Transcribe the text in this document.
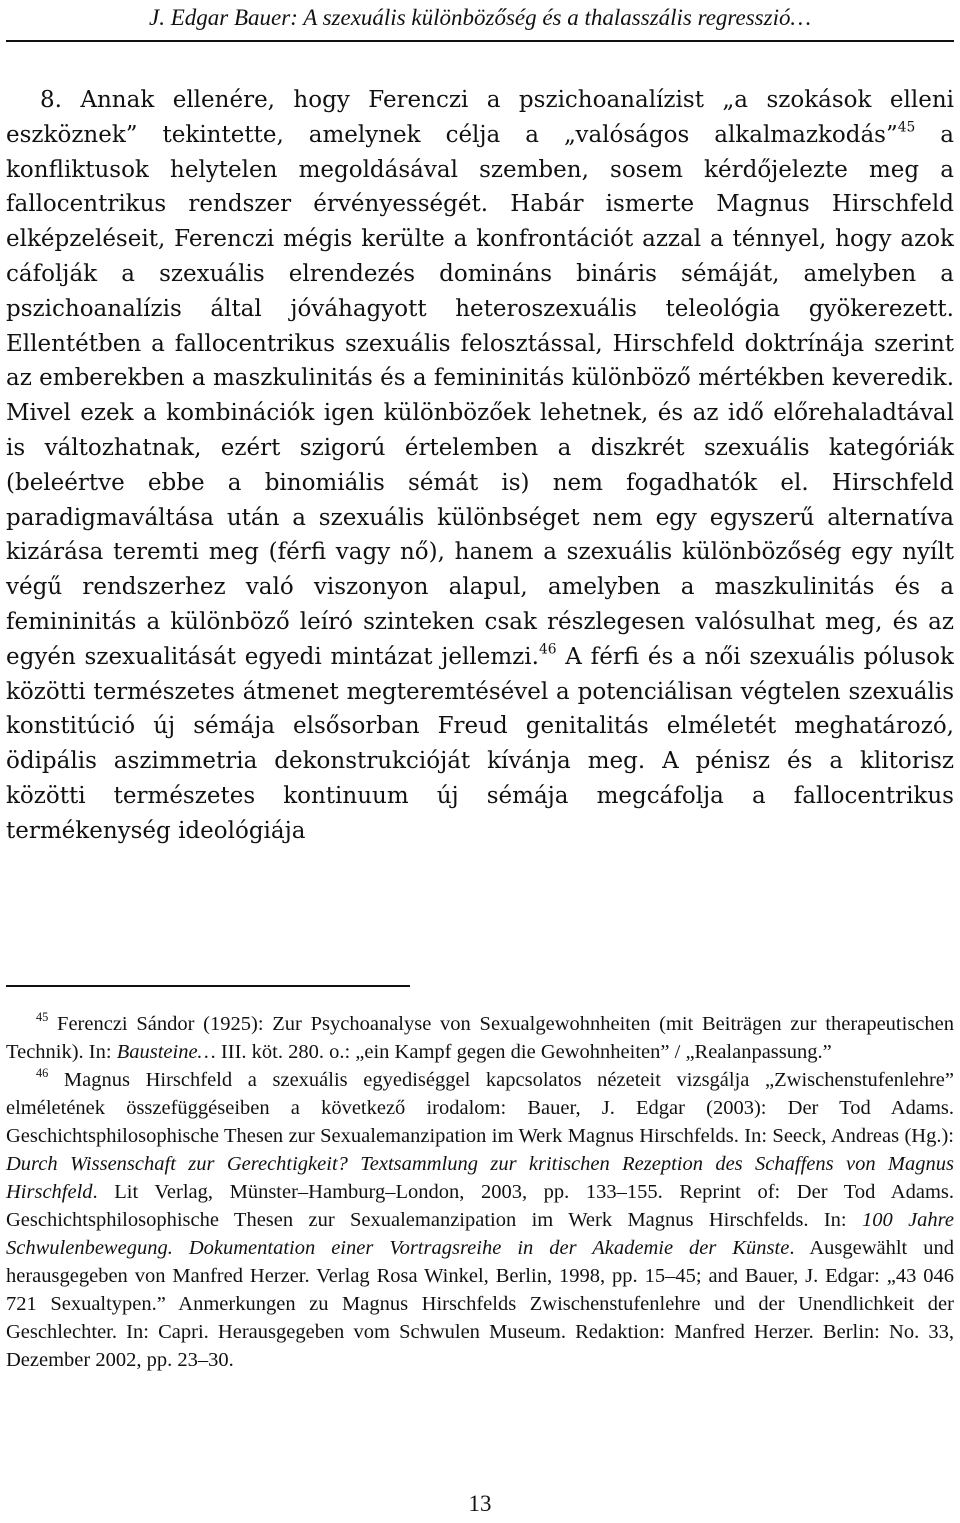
J. Edgar Bauer: A szexuális különbözőség és a thalasszális regresszió…

8. Annak ellenére, hogy Ferenczi a pszichoanalízist „a szokások elleni eszköznek” tekintette, amelynek célja a „valóságos alkalmazkodás”$^{45}$ a konfliktusok helytelen megoldásával szemben, sosem kérdőjelezte meg a fallocentrikus rendszer érvényességét. Habár ismerte Magnus Hirschfeld elképzeléseit, Ferenczi mégis kerülte a konfrontációt azzal a ténnyel, hogy azok cáfolják a szexuális elrendezés domináns bináris sémáját, amelyben a pszichoanalízis által jóváhagyott heteroszexuális teleológia gyökerezett. Ellentétben a fallocentrikus szexuális felosztással, Hirschfeld doktrínája szerint az emberekben a maszkulinitás és a femininitás különböző mértékben keveredik. Mivel ezek a kombinációk igen különbözőek lehetnek, és az idő előrehaladtával is változhatnak, ezért szigorú értelemben a diszkrét szexuális kategóriák (beleértve ebbe a binomiális sémát is) nem fogadhatók el. Hirschfeld paradigmaváltása után a szexuális különbséget nem egy egyszerű alternatíva kizárása teremti meg (férfi vagy nő), hanem a szexuális különbözőség egy nyílt végű rendszerhez való viszonyon alapul, amelyben a maszkulinitás és a femininitás a különböző leíró szinteken csak részlegesen valósulhat meg, és az egyén szexualitását egyedi mintázat jellemzi.$^{46}$ A férfi és a női szexuális pólusok közötti természetes átmenet megteremtésével a potenciálisan végtelen szexuális konstitúció új sémája elsősorban Freud genitalitás elméletét meghatározó, ödipális aszimmetria dekonstrukcióját kívánja meg. A pénisz és a klitorisz közötti természetes kontinuum új sémája megcáfolja a fallocentrikus termékenység ideológiája

$^{45}$ Ferenczi Sándor (1925): Zur Psychoanalyse von Sexualgewohnheiten (mit Beiträgen zur therapeutischen Technik). In: Bausteine… III. köt. 280. o.: „ein Kampf gegen die Gewohnheiten” / „Realanpassung.”

$^{46}$ Magnus Hirschfeld a szexuális egyediséggel kapcsolatos nézeteit vizsgálja „Zwischenstufenlehre” elméletének összefüggéseiben a következő irodalom: Bauer, J. Edgar (2003): Der Tod Adams. Geschichtsphilosophische Thesen zur Sexualemanzipation im Werk Magnus Hirschfelds. In: Seeck, Andreas (Hg.): Durch Wissenschaft zur Gerechtigkeit? Textsammlung zur kritischen Rezeption des Schaffens von Magnus Hirschfeld. Lit Verlag, Münster–Hamburg–London, 2003, pp. 133–155. Reprint of: Der Tod Adams. Geschichtsphilosophische Thesen zur Sexualemanzipation im Werk Magnus Hirschfelds. In: 100 Jahre Schwulenbewegung. Dokumentation einer Vortragsreihe in der Akademie der Künste. Ausgewählt und herausgegeben von Manfred Herzer. Verlag Rosa Winkel, Berlin, 1998, pp. 15–45; and Bauer, J. Edgar: „43 046 721 Sexualtypen.” Anmerkungen zu Magnus Hirschfelds Zwischenstufenlehre und der Unendlichkeit der Geschlechter. In: Capri. Herausgegeben vom Schwulen Museum. Redaktion: Manfred Herzer. Berlin: No. 33, Dezember 2002, pp. 23–30.

13
